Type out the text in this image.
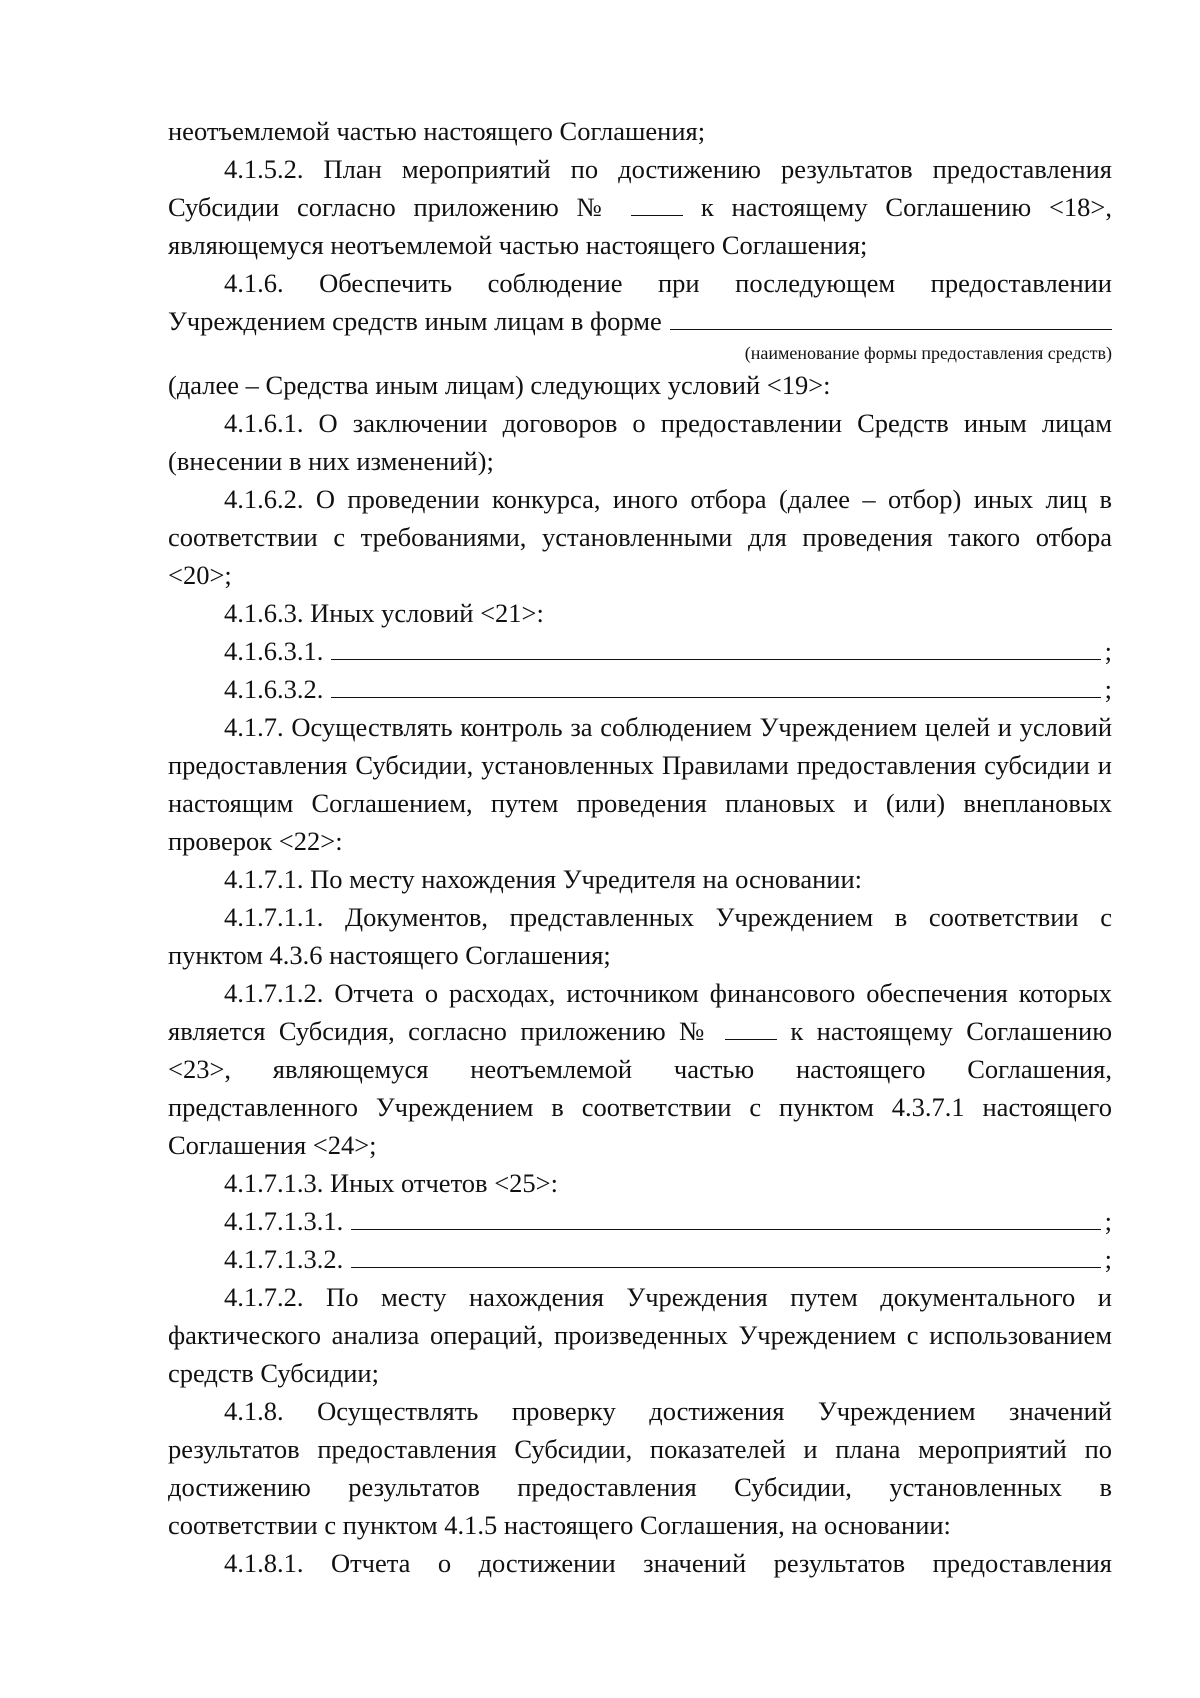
неотъемлемой частью настоящего Соглашения;

4.1.5.2. План мероприятий по достижению результатов предоставления Субсидии согласно приложению №  к настоящему Соглашению <18>, являющемуся неотъемлемой частью настоящего Соглашения;

4.1.6. Обеспечить соблюдение при последующем предоставлении

Учреждением средств иным лицам в форме

(наименование формы предоставления средств)

(далее – Средства иным лицам) следующих условий <19>:

4.1.6.1. О заключении договоров о предоставлении Средств иным лицам (внесении в них изменений);

4.1.6.2. О проведении конкурса, иного отбора (далее – отбор) иных лиц в соответствии с требованиями, установленными для проведения такого отбора <20>;

4.1.6.3. Иных условий <21>:

4.1.6.3.1.	;
4.1.6.3.2.	;

4.1.7. Осуществлять контроль за соблюдением Учреждением целей и условий предоставления Субсидии, установленных Правилами предоставления субсидии и настоящим Соглашением, путем проведения плановых и (или) внеплановых проверок <22>:

4.1.7.1. По месту нахождения Учредителя на основании:

4.1.7.1.1. Документов, представленных Учреждением в соответствии с пунктом 4.3.6 настоящего Соглашения;

4.1.7.1.2. Отчета о расходах, источником финансового обеспечения которых является Субсидия, согласно приложению №  к настоящему Соглашению <23>, являющемуся неотъемлемой частью настоящего Соглашения, представленного Учреждением в соответствии с пунктом 4.3.7.1 настоящего Соглашения <24>;

4.1.7.1.3. Иных отчетов <25>:

4.1.7.1.3.1.	;
4.1.7.1.3.2.	;

4.1.7.2. По месту нахождения Учреждения путем документального и фактического анализа операций, произведенных Учреждением с использованием средств Субсидии;

4.1.8. Осуществлять проверку достижения Учреждением значений результатов предоставления Субсидии, показателей и плана мероприятий по достижению результатов предоставления Субсидии, установленных в соответствии с пунктом 4.1.5 настоящего Соглашения, на основании:

4.1.8.1. Отчета о достижении значений результатов предоставления
